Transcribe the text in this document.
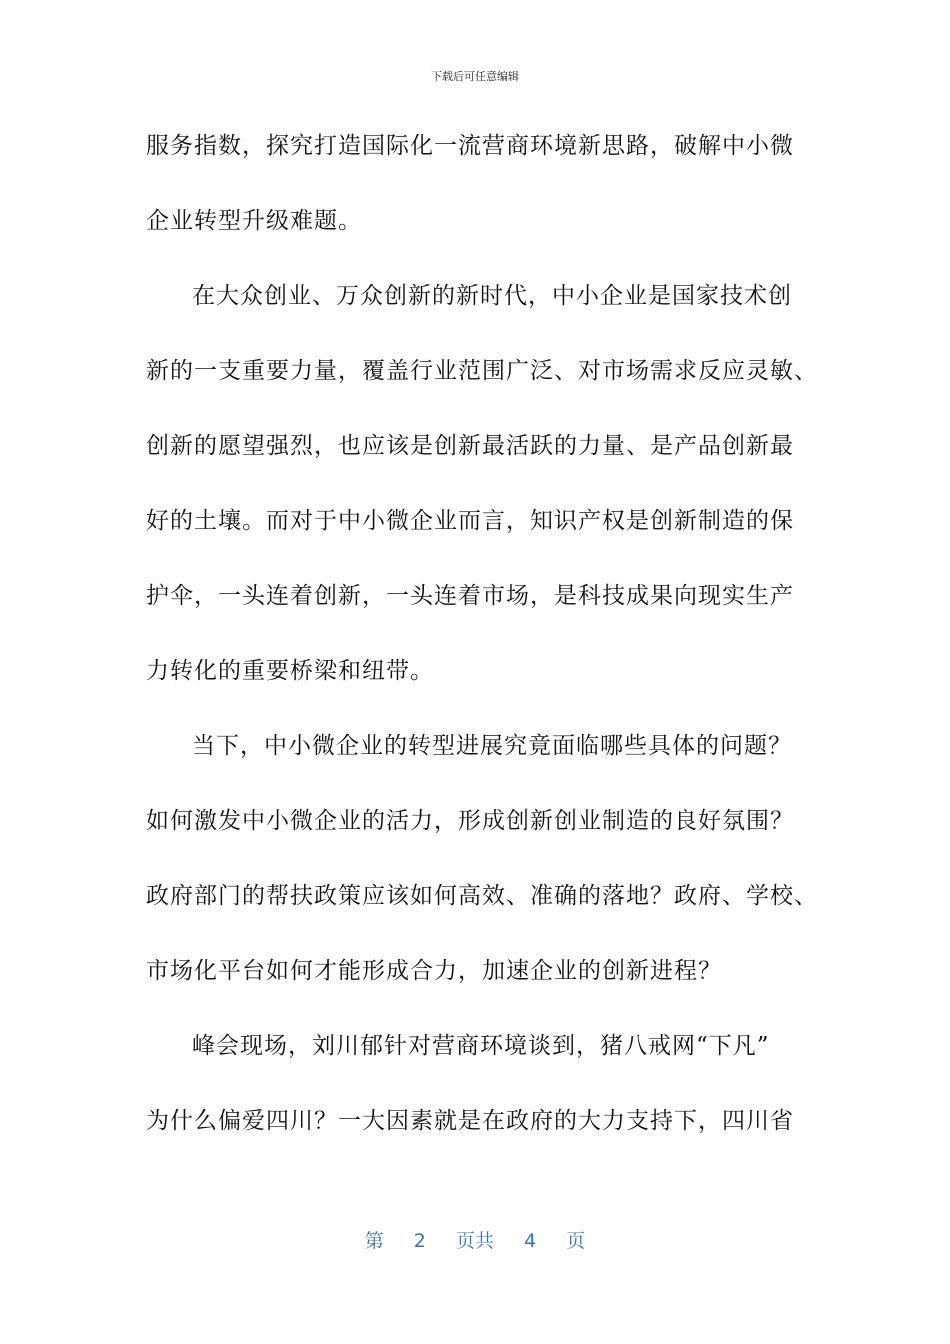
下载后可任意编辑
服务指数，探究打造国际化一流营商环境新思路，破解中小微
企业转型升级难题。
在大众创业、万众创新的新时代，中小企业是国家技术创
新的一支重要力量，覆盖行业范围广泛、对市场需求反应灵敏、
创新的愿望强烈，也应该是创新最活跃的力量、是产品创新最
好的土壤。而对于中小微企业而言，知识产权是创新制造的保
护伞，一头连着创新，一头连着市场，是科技成果向现实生产
力转化的重要桥梁和纽带。
当下，中小微企业的转型进展究竟面临哪些具体的问题？
如何激发中小微企业的活力，形成创新创业制造的良好氛围？
政府部门的帮扶政策应该如何高效、准确的落地？政府、学校、
市场化平台如何才能形成合力，加速企业的创新进程？
峰会现场，刘川郁针对营商环境谈到，猪八戒网“下凡”
为什么偏爱四川？一大因素就是在政府的大力支持下，四川省
第 2 页共 4 页
